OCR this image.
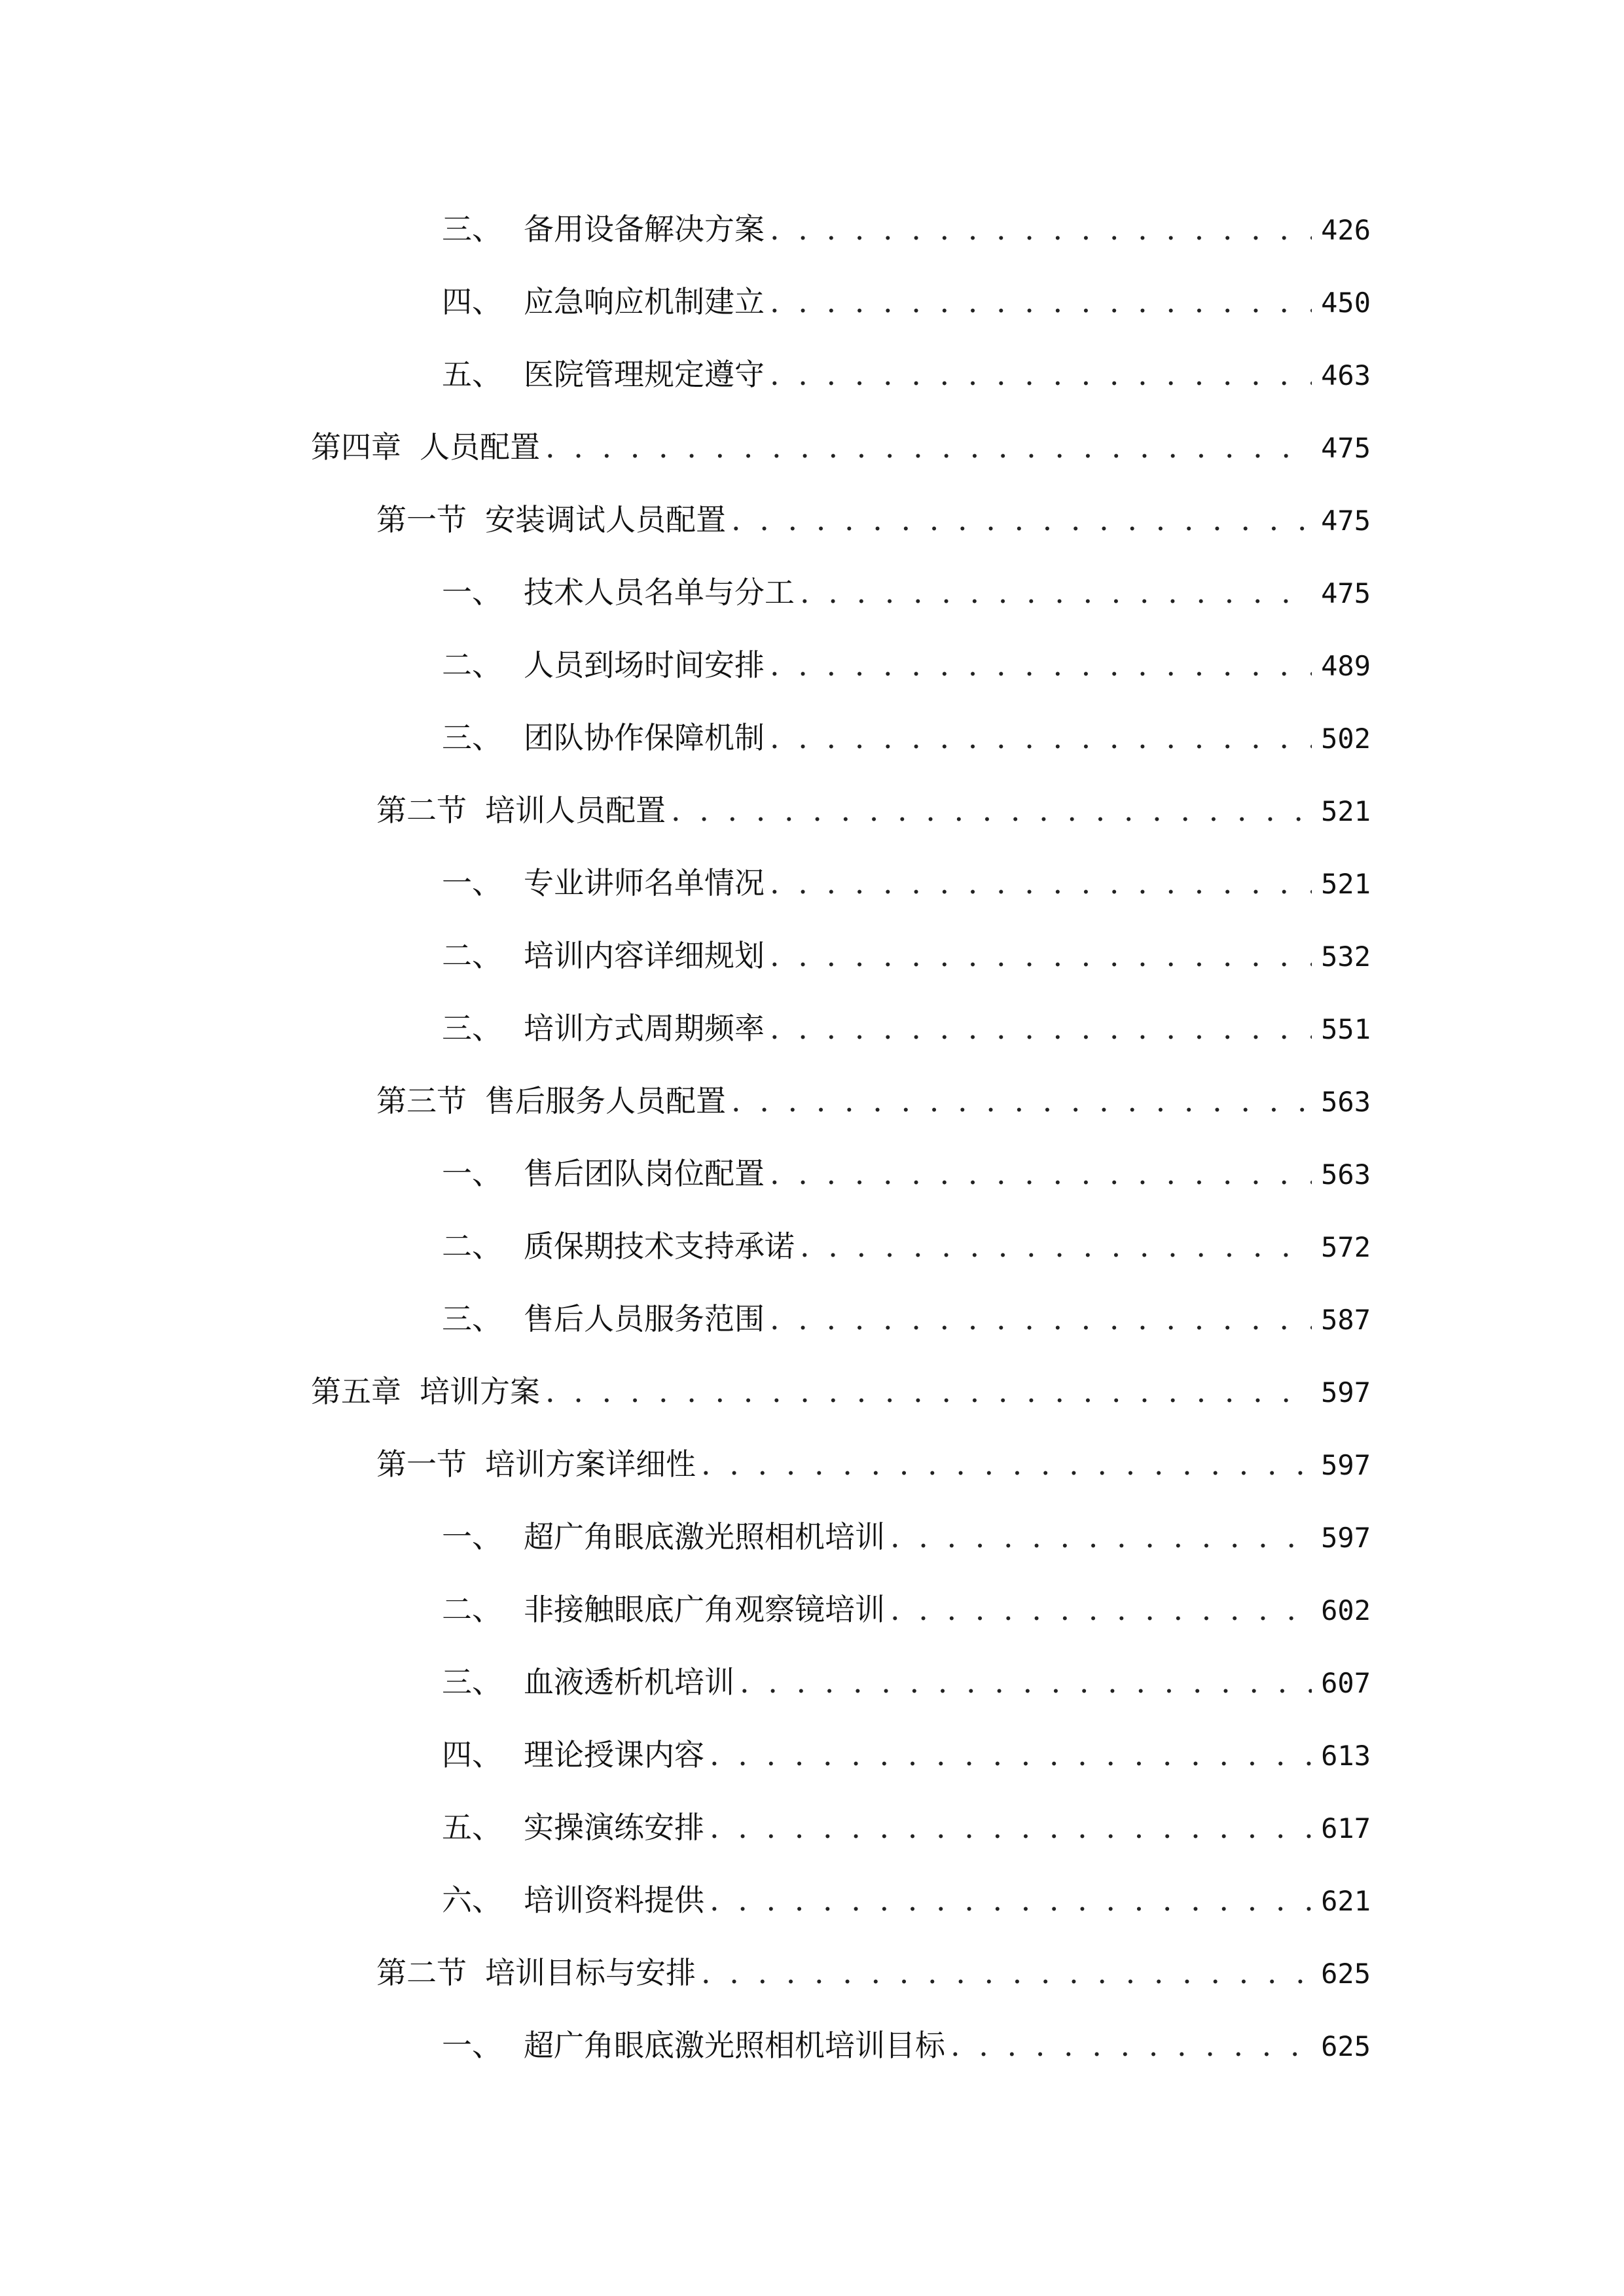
三、 备用设备解决方案 . . .	426
四、 应急响应机制建立 . . .	450
五、 医院管理规定遵守 . . .	463
第四章 人员配置 . . .	475
第一节 安装调试人员配置 . . .	475
一、 技术人员名单与分工 . . .	475
二、 人员到场时间安排 . . .	489
三、 团队协作保障机制 . . .	502
第二节 培训人员配置 . . .	521
一、 专业讲师名单情况 . . .	521
二、 培训内容详细规划 . . .	532
三、 培训方式周期频率 . . .	551
第三节 售后服务人员配置 . . .	563
一、 售后团队岗位配置 . . .	563
二、 质保期技术支持承诺 . . .	572
三、 售后人员服务范围 . . .	587
第五章 培训方案 . . .	597
第一节 培训方案详细性 . . .	597
一、 超广角眼底激光照相机培训 . . .	597
二、 非接触眼底广角观察镜培训 . . .	602
三、 血液透析机培训 . . .	607
四、 理论授课内容 . . .	613
五、 实操演练安排 . . .	617
六、 培训资料提供 . . .	621
第二节 培训目标与安排 . . .	625
一、 超广角眼底激光照相机培训目标 . . .	625
